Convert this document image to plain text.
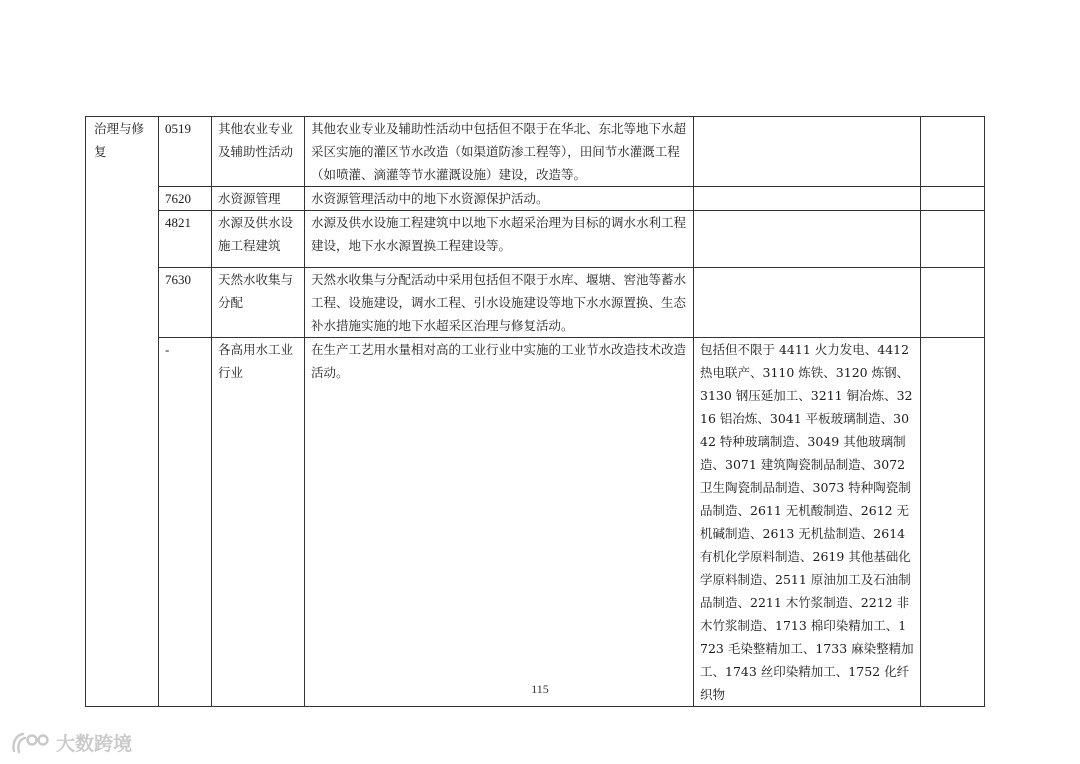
治理与修复	0519	其他农业专业及辅助性活动	其他农业专业及辅助性活动中包括但不限于在华北、东北等地下水超采区实施的灌区节水改造（如渠道防渗工程等），田间节水灌溉工程（如喷灌、滴灌等节水灌溉设施）建设，改造等。		
	7620	水资源管理	水资源管理活动中的地下水资源保护活动。		
	4821	水源及供水设施工程建筑	水源及供水设施工程建筑中以地下水超采治理为目标的调水水利工程建设，地下水水源置换工程建设等。		
	7630	天然水收集与分配	天然水收集与分配活动中采用包括但不限于水库、堰塘、窖池等蓄水工程、设施建设，调水工程、引水设施建设等地下水水源置换、生态补水措施实施的地下水超采区治理与修复活动。		
	-	各高用水工业行业	在生产工艺用水量相对高的工业行业中实施的工业节水改造技术改造活动。	包括但不限于 4411 火力发电、4412 热电联产、3110 炼铁、3120 炼钢、3130 钢压延加工、3211 铜冶炼、3216 铝冶炼、3041 平板玻璃制造、3042 特种玻璃制造、3049 其他玻璃制造、3071 建筑陶瓷制品制造、3072 卫生陶瓷制品制造、3073 特种陶瓷制品制造、2611 无机酸制造、2612 无机碱制造、2613 无机盐制造、2614 有机化学原料制造、2619 其他基础化学原料制造、2511 原油加工及石油制品制造、2211 木竹浆制造、2212 非木竹浆制造、1713 棉印染精加工、1723 毛染整精加工、1733 麻染整精加工、1743 丝印染精加工、1752 化纤织物	
115
大数跨境
